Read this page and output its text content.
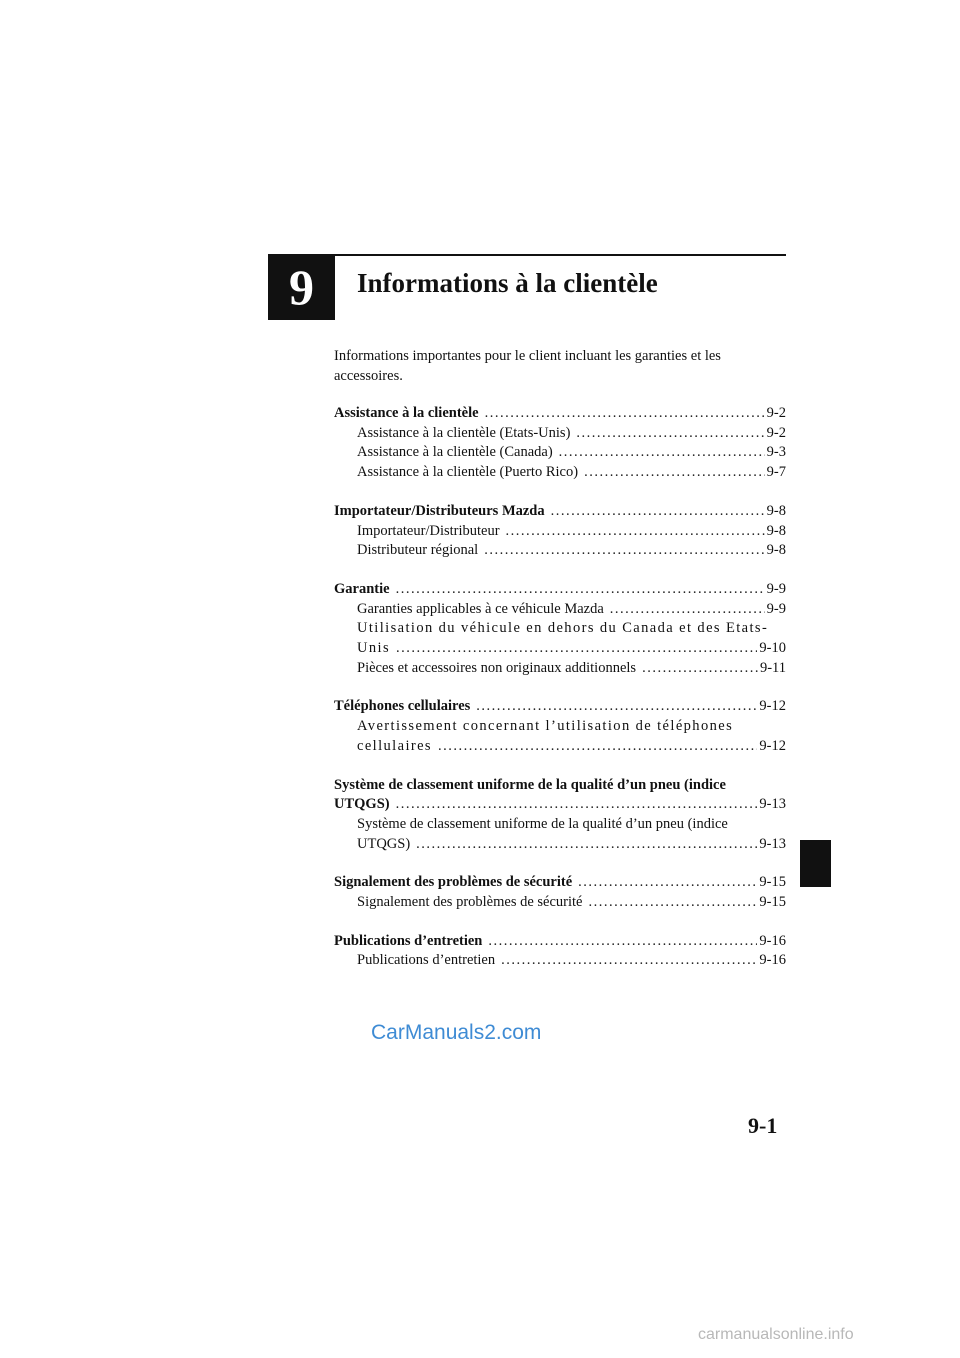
9	Informations à la clientèle
Informations importantes pour le client incluant les garanties et les accessoires.
Assistance à la clientèle .....	9-2
Assistance à la clientèle (Etats-Unis) .....	9-2
Assistance à la clientèle (Canada) .....	9-3
Assistance à la clientèle (Puerto Rico) .....	9-7
Importateur/Distributeurs Mazda .....	9-8
Importateur/Distributeur .....	9-8
Distributeur régional .....	9-8
Garantie .....	9-9
Garanties applicables à ce véhicule Mazda .....	9-9
Utilisation du véhicule en dehors du Canada et des Etats-
Unis .....	9-10
Pièces et accessoires non originaux additionnels .....	9-11
Téléphones cellulaires .....	9-12
Avertissement concernant l’utilisation de téléphones
cellulaires .....	9-12
Système de classement uniforme de la qualité d’un pneu (indice
UTQGS) .....	9-13
Système de classement uniforme de la qualité d’un pneu (indice
UTQGS) .....	9-13
Signalement des problèmes de sécurité .....	9-15
Signalement des problèmes de sécurité .....	9-15
Publications d’entretien .....	9-16
Publications d’entretien .....	9-16
CarManuals2.com
9-1
carmanualsonline.info
